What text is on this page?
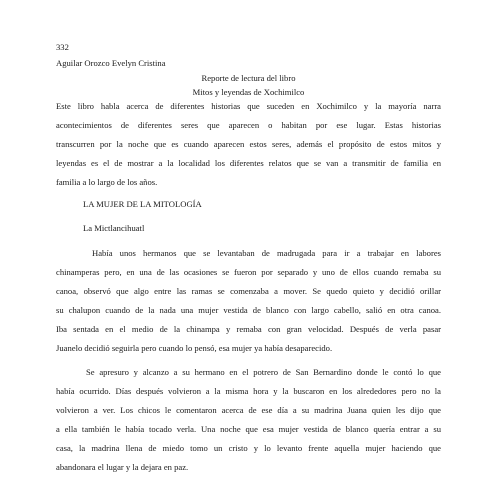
332
Aguilar Orozco Evelyn Cristina
Reporte de lectura del libro
Mitos y leyendas de Xochimilco
Este libro habla acerca de diferentes historias que suceden en Xochimilco y la mayoría narra
acontecimientos de diferentes seres que aparecen o habitan por ese lugar. Estas historias
transcurren por la noche que es cuando aparecen estos seres, además el propósito de estos mitos y
leyendas es el de mostrar a la localidad los diferentes relatos que se van a transmitir de familia en
familia a lo largo de los años.
LA MUJER DE LA MITOLOGÍA
La Mictlancihuatl
Había unos hermanos que se levantaban de madrugada para ir a trabajar en labores
chinamperas pero, en una de las ocasiones se fueron por separado y uno de ellos cuando remaba su
canoa, observó que algo entre las ramas se comenzaba a mover. Se quedo quieto y decidió orillar
su chalupon cuando de la nada una mujer vestida de blanco con largo cabello, salió en otra canoa.
Iba sentada en el medio de la chinampa y remaba con gran velocidad. Después de verla pasar
Juanelo decidió seguirla pero cuando lo pensó, esa mujer ya había desaparecido.
Se apresuro y alcanzo a su hermano en el potrero de San Bernardino donde le contó lo que
había ocurrido. Días después volvieron a la misma hora y la buscaron en los alrededores pero no la
volvieron a ver. Los chicos le comentaron acerca de ese día a su madrina Juana quien les dijo que
a ella también le había tocado verla. Una noche que esa mujer vestida de blanco quería entrar a su
casa, la madrina llena de miedo tomo un cristo y lo levanto frente aquella mujer haciendo que
abandonara el lugar y la dejara en paz.
